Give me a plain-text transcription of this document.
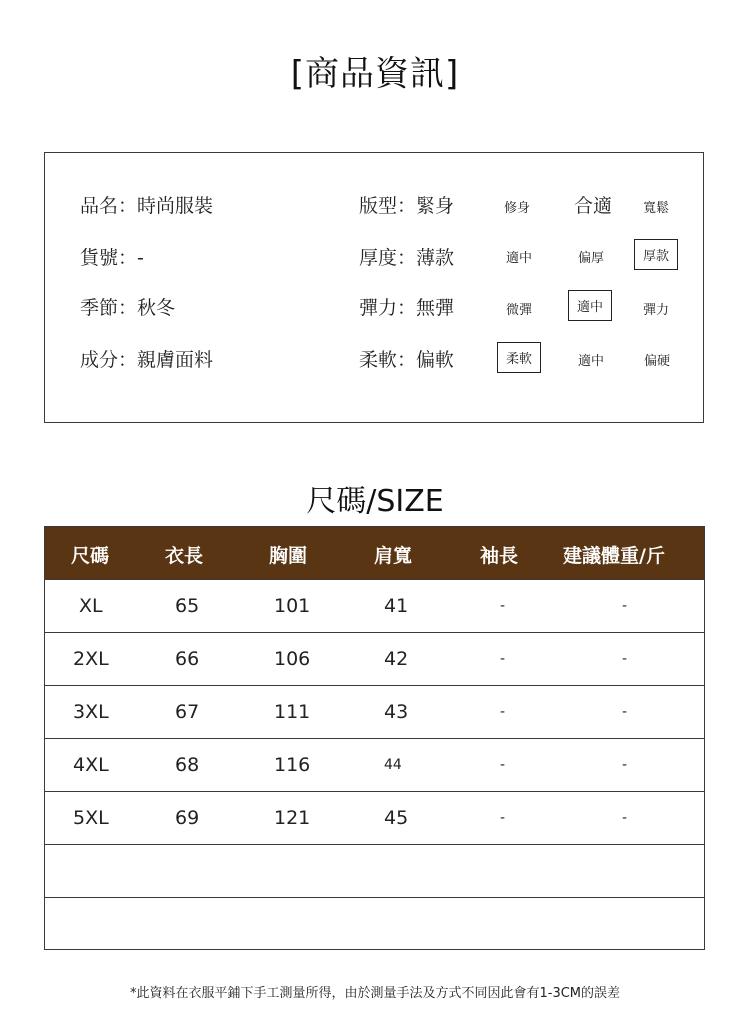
[商品資訊]
品名：時尚服裝
貨號：-
季節：秋冬
成分：親膚面料
版型：緊身	修身 合適 寬鬆
厚度：薄款	適中	偏厚	厚款
彈力：無彈	微彈	適中	彈力
柔軟：偏軟	柔軟	適中	偏硬
尺碼/SIZE
尺碼	衣長	胸圍	肩寬	袖長 建議體重/斤
XL	65	101	41	-	-
2XL	66	106	42	-	-
3XL	67	111	43	-	-
4XL	68	116	44	-	-
5XL	69	121	45	-	-
*此資料在衣服平鋪下手工測量所得，由於測量手法及方式不同因此會有1-3CM的誤差
